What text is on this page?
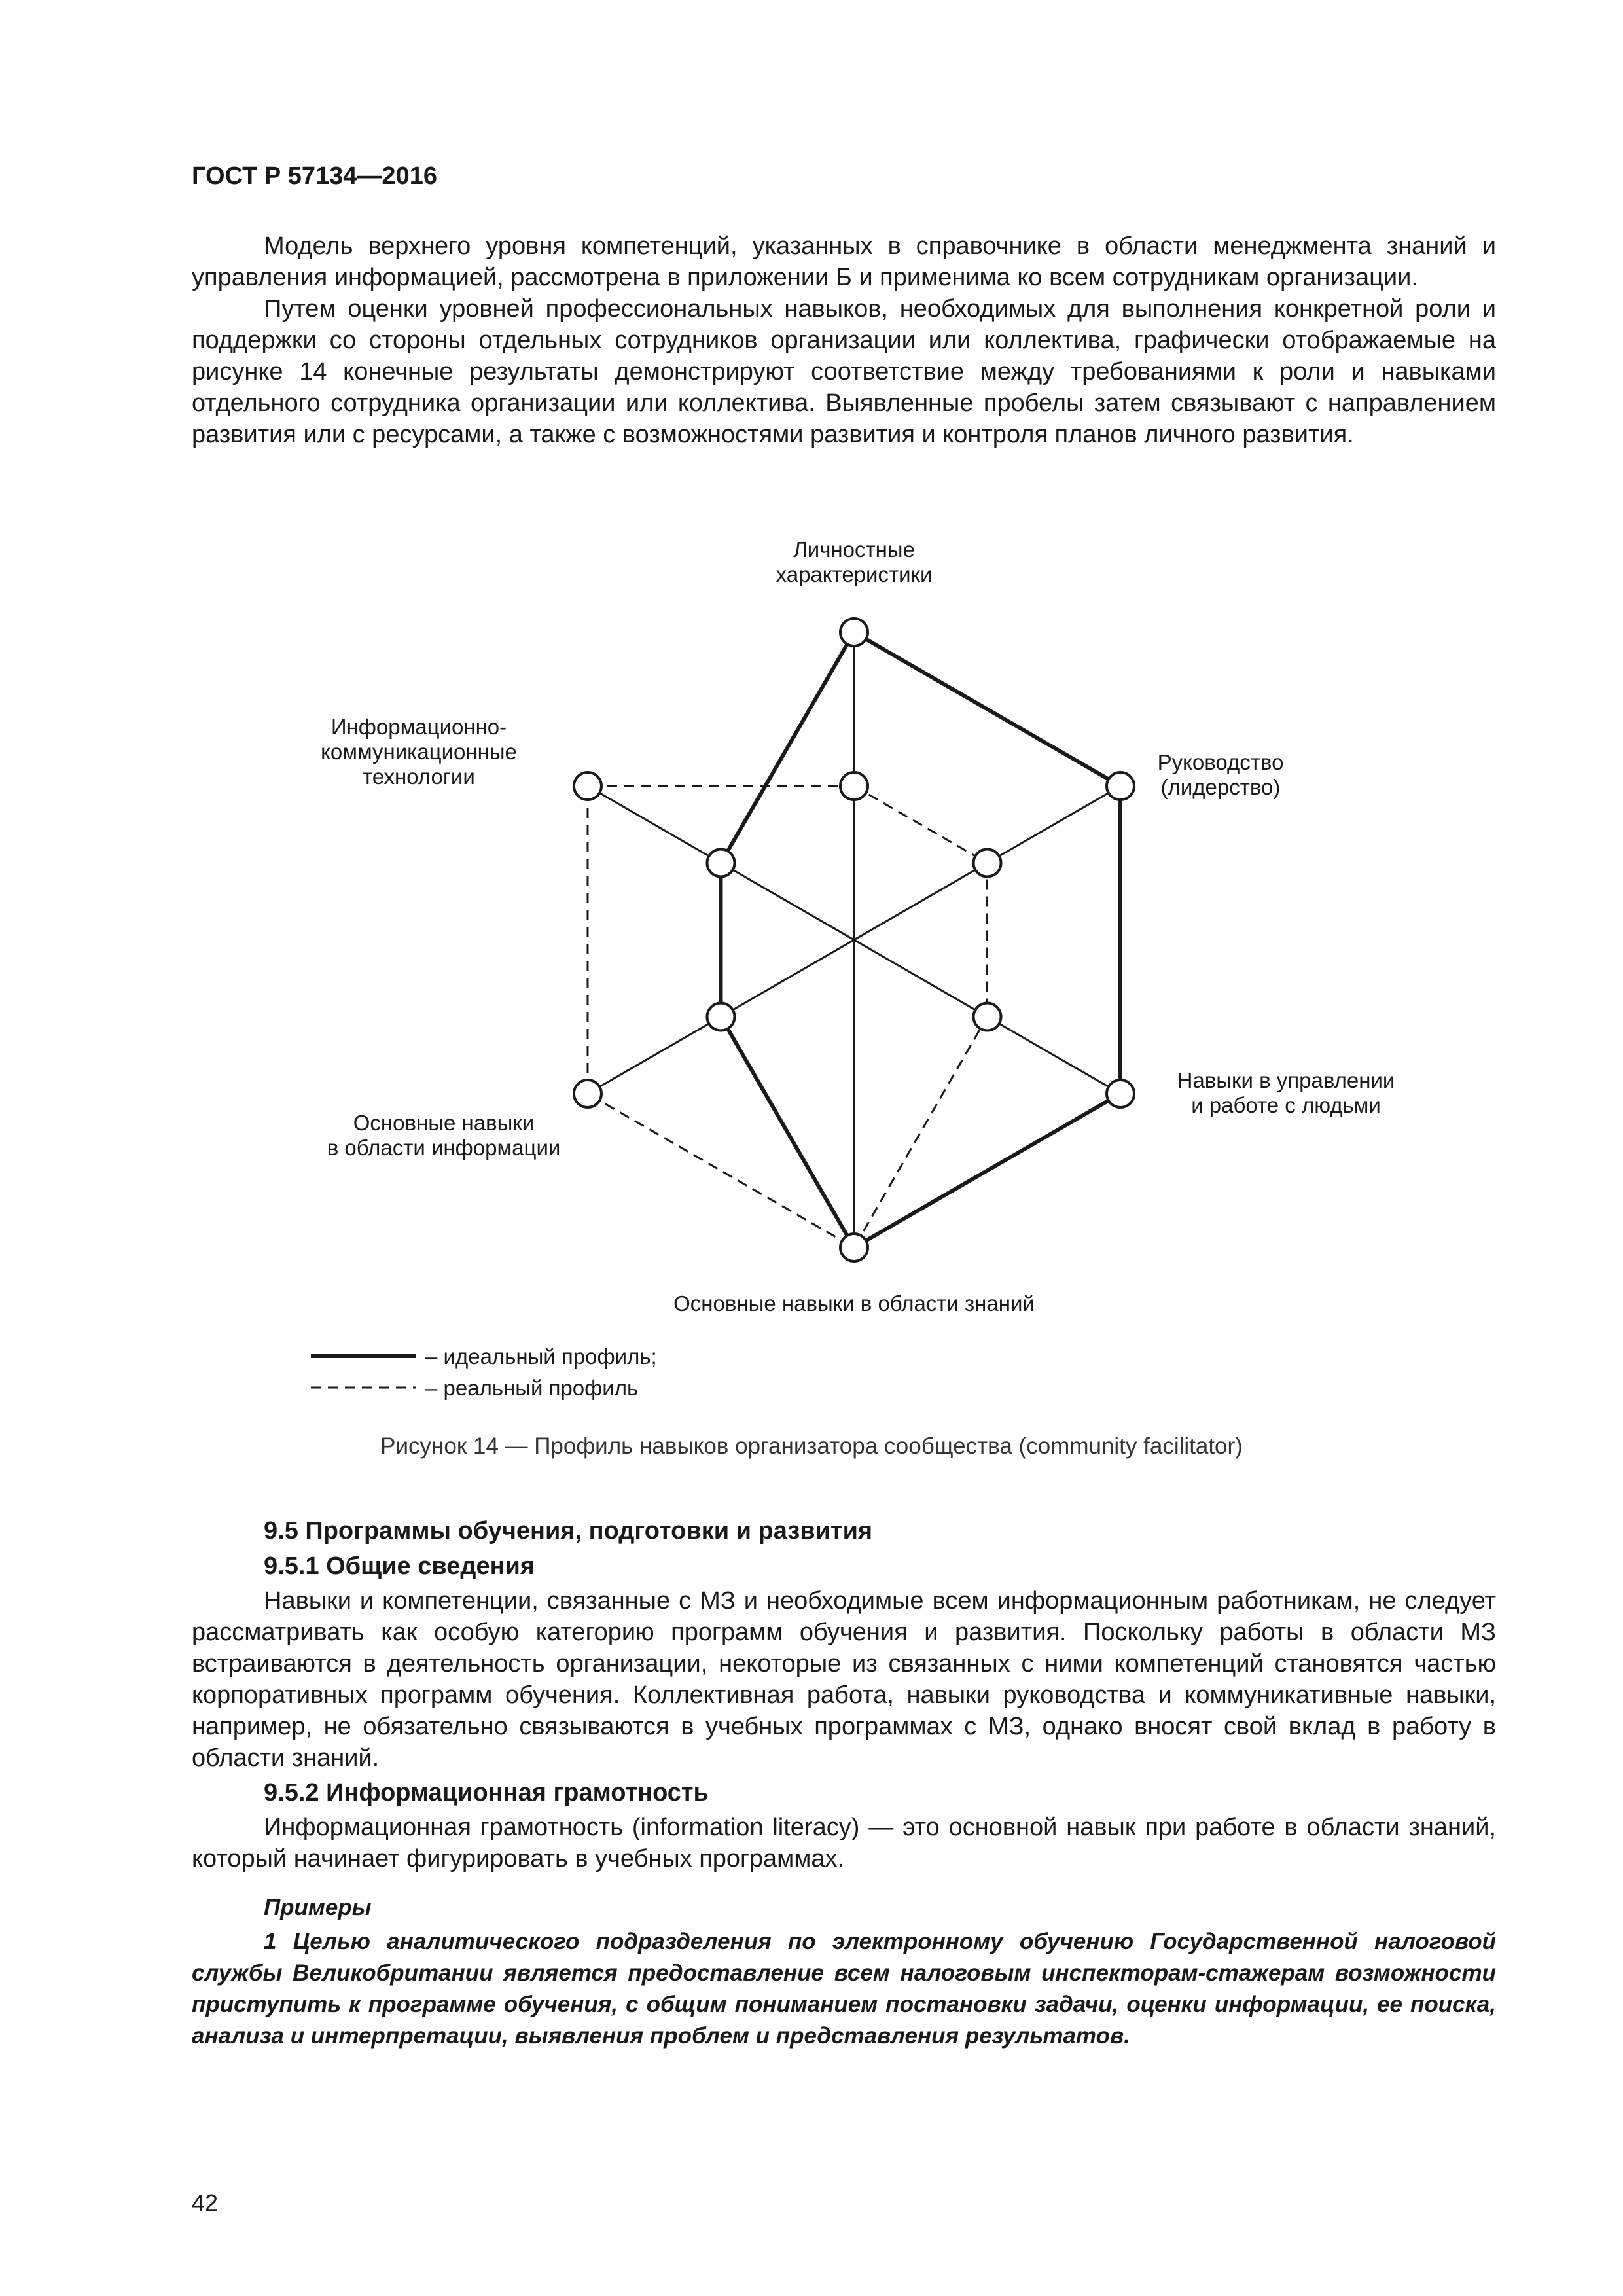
ГОСТ Р 57134—2016

Модель верхнего уровня компетенций, указанных в справочнике в области менеджмента знаний и управления информацией, рассмотрена в приложении Б и применима ко всем сотрудникам организации.

Путем оценки уровней профессиональных навыков, необходимых для выполнения конкретной роли и поддержки со стороны отдельных сотрудников организации или коллектива, графически отображаемые на рисунке 14 конечные результаты демонстрируют соответствие между требованиями к роли и навыками отдельного сотрудника организации или коллектива. Выявленные пробелы затем связывают с направлением развития или с ресурсами, а также с возможностями развития и контроля планов личного развития.

Личностные
характеристики
Руководство
(лидерство)
Навыки в управлении
и работе с людьми
Основные навыки в области знаний
Основные навыки
в области информации
Информационно-
коммуникационные
технологии
– идеальный профиль;
– реальный профиль
Рисунок 14 — Профиль навыков организатора сообщества (community facilitator)
9.5 Программы обучения, подготовки и развития
9.5.1 Общие сведения

Навыки и компетенции, связанные с МЗ и необходимые всем информационным работникам, не следует рассматривать как особую категорию программ обучения и развития. Поскольку работы в области МЗ встраиваются в деятельность организации, некоторые из связанных с ними компетенций становятся частью корпоративных программ обучения. Коллективная работа, навыки руководства и коммуникативные навыки, например, не обязательно связываются в учебных программах с МЗ, однако вносят свой вклад в работу в области знаний.

9.5.2 Информационная грамотность

Информационная грамотность (information literacy) — это основной навык при работе в области знаний, который начинает фигурировать в учебных программах.

Примеры
1 Целью аналитического подразделения по электронному обучению Государственной налоговой службы Великобритании является предоставление всем налоговым инспекторам-стажерам возможности приступить к программе обучения, с общим пониманием постановки задачи, оценки информации, ее поиска, анализа и интерпретации, выявления проблем и представления результатов.
42
